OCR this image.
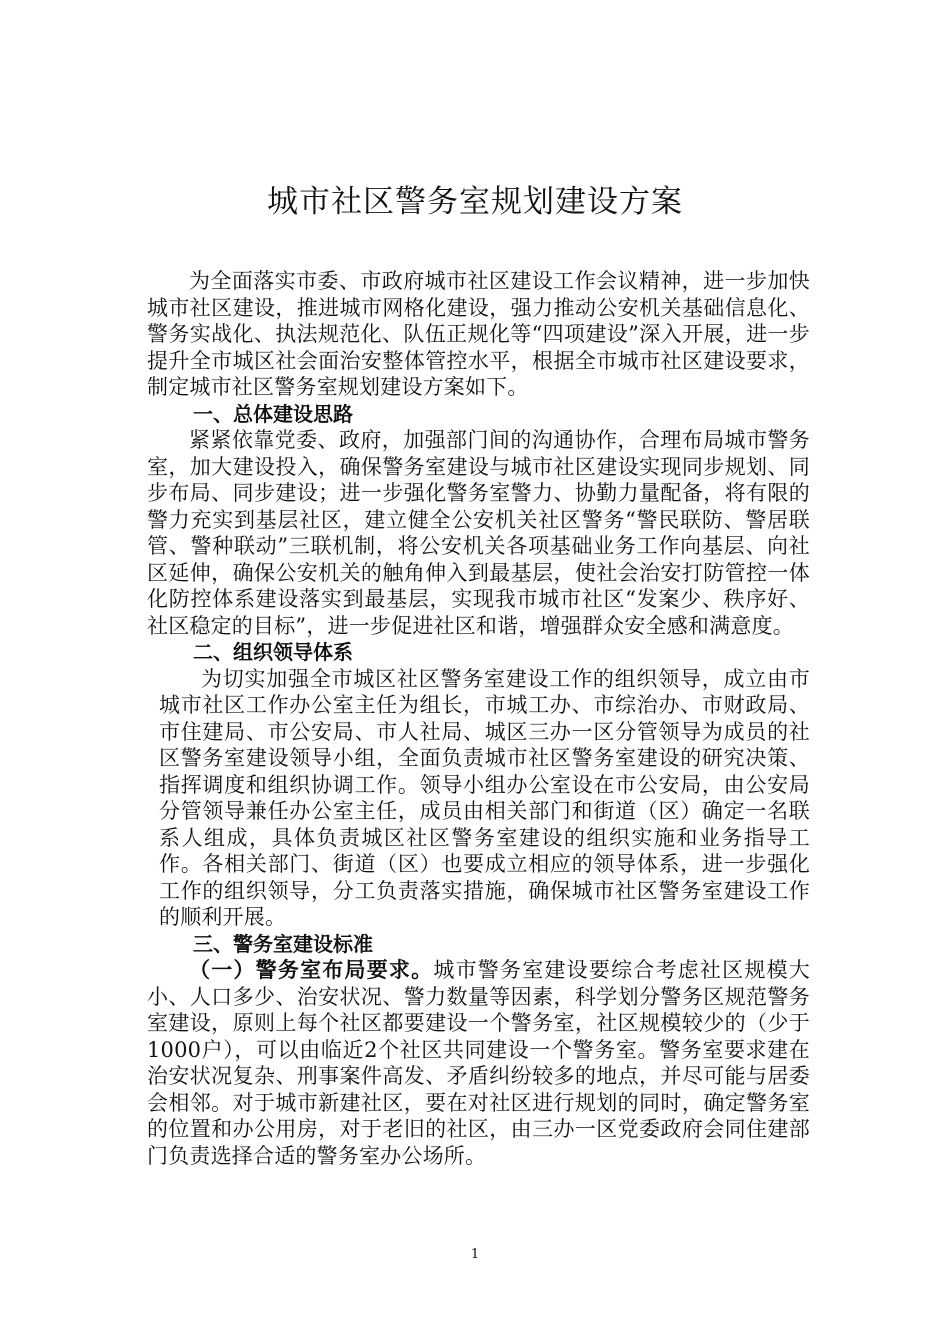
城市社区警务室规划建设方案

为全面落实市委、市政府城市社区建设工作会议精神，进一步加快城市社区建设，推进城市网格化建设，强力推动公安机关基础信息化、警务实战化、执法规范化、队伍正规化等“四项建设”深入开展，进一步提升全市城区社会面治安整体管控水平，根据全市城市社区建设要求，制定城市社区警务室规划建设方案如下。

一、总体建设思路

紧紧依靠党委、政府，加强部门间的沟通协作，合理布局城市警务室，加大建设投入，确保警务室建设与城市社区建设实现同步规划、同步布局、同步建设；进一步强化警务室警力、协勤力量配备，将有限的警力充实到基层社区，建立健全公安机关社区警务“警民联防、警居联管、警种联动”三联机制，将公安机关各项基础业务工作向基层、向社区延伸，确保公安机关的触角伸入到最基层，使社会治安打防管控一体化防控体系建设落实到最基层，实现我市城市社区“发案少、秩序好、社区稳定的目标”，进一步促进社区和谐，增强群众安全感和满意度。

二、组织领导体系

为切实加强全市城区社区警务室建设工作的组织领导，成立由市城市社区工作办公室主任为组长，市城工办、市综治办、市财政局、市住建局、市公安局、市人社局、城区三办一区分管领导为成员的社区警务室建设领导小组，全面负责城市社区警务室建设的研究决策、指挥调度和组织协调工作。领导小组办公室设在市公安局，由公安局分管领导兼任办公室主任，成员由相关部门和街道（区）确定一名联系人组成，具体负责城区社区警务室建设的组织实施和业务指导工作。各相关部门、街道（区）也要成立相应的领导体系，进一步强化工作的组织领导，分工负责落实措施，确保城市社区警务室建设工作的顺利开展。

三、警务室建设标准

（一）警务室布局要求。城市警务室建设要综合考虑社区规模大小、人口多少、治安状况、警力数量等因素，科学划分警务区规范警务室建设，原则上每个社区都要建设一个警务室，社区规模较少的（少于1000户），可以由临近2个社区共同建设一个警务室。警务室要求建在治安状况复杂、刑事案件高发、矛盾纠纷较多的地点，并尽可能与居委会相邻。对于城市新建社区，要在对社区进行规划的同时，确定警务室的位置和办公用房，对于老旧的社区，由三办一区党委政府会同住建部门负责选择合适的警务室办公场所。

1
